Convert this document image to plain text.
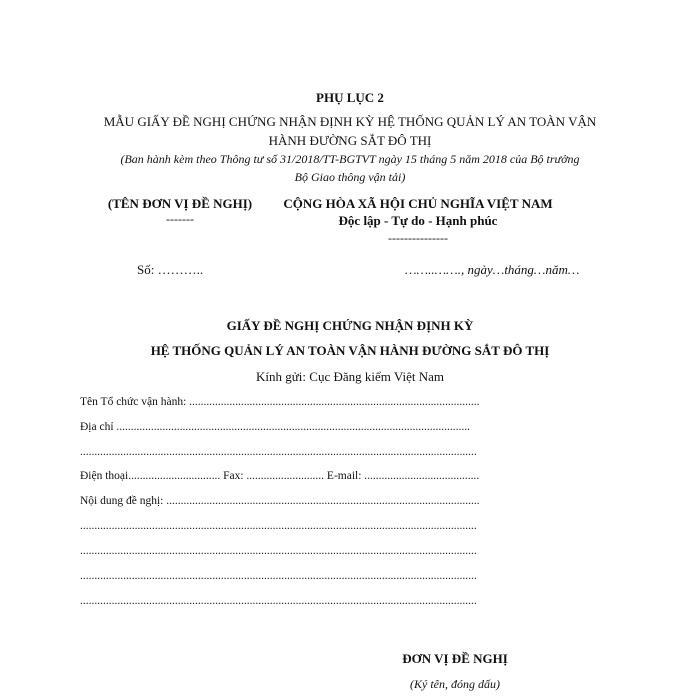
PHỤ LỤC 2
MẪU GIẤY ĐỀ NGHỊ CHỨNG NHẬN ĐỊNH KỲ HỆ THỐNG QUẢN LÝ AN TOÀN VẬN
HÀNH ĐƯỜNG SẮT ĐÔ THỊ
(Ban hành kèm theo Thông tư số 31/2018/TT-BGTVT ngày 15 tháng 5 năm 2018 của Bộ trưởng
Bộ Giao thông vận tải)
(TÊN ĐƠN VỊ ĐỀ NGHỊ)
-------
CỘNG HÒA XÃ HỘI CHỦ NGHĨA VIỆT NAM
Độc lập - Tự do - Hạnh phúc
---------------
Số: ………..	……..……., ngày…tháng…năm…
GIẤY ĐỀ NGHỊ CHỨNG NHẬN ĐỊNH KỲ
HỆ THỐNG QUẢN LÝ AN TOÀN VẬN HÀNH ĐƯỜNG SẮT ĐÔ THỊ
Kính gửi: Cục Đăng kiểm Việt Nam
Tên Tổ chức vận hành: .....................................................................................................
Địa chỉ ...........................................................................................................................
..........................................................................................................................................
Điện thoại................................ Fax: ........................... E-mail: ........................................
Nội dung đề nghị: .............................................................................................................
..........................................................................................................................................
..........................................................................................................................................
..........................................................................................................................................
..........................................................................................................................................
ĐƠN VỊ ĐỀ NGHỊ
(Ký tên, đóng dấu)
